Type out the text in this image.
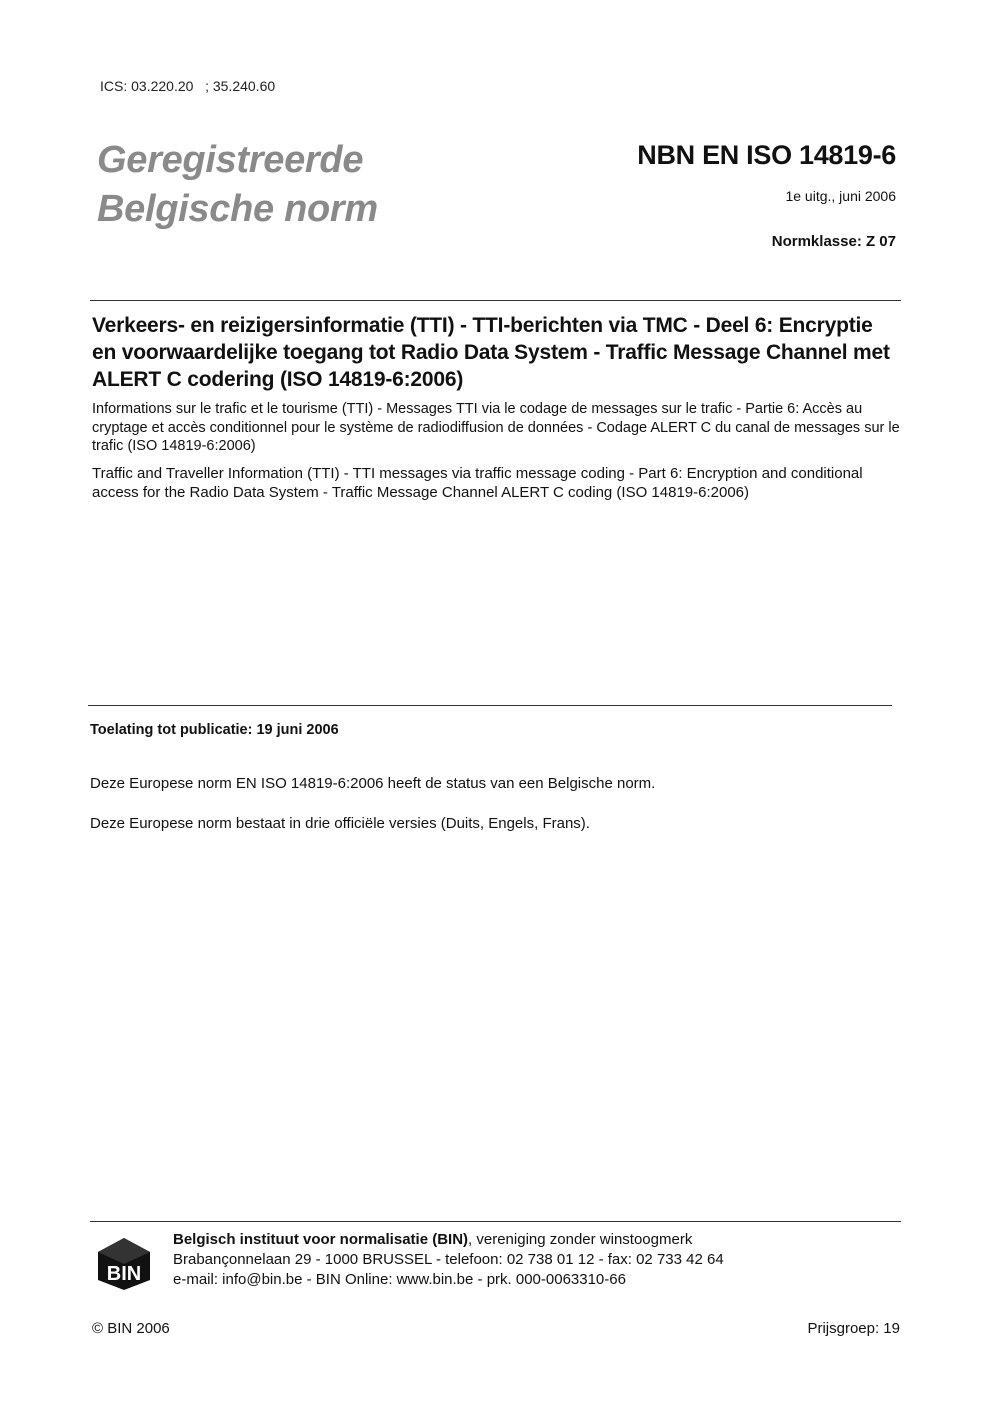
ICS: 03.220.20   ; 35.240.60
Geregistreerde
Belgische norm
NBN EN ISO 14819-6
1e uitg., juni 2006
Normklasse: Z 07
Verkeers- en reizigersinformatie (TTI) - TTI-berichten via TMC - Deel 6: Encryptie en voorwaardelijke toegang tot Radio Data System - Traffic Message Channel met ALERT C codering (ISO 14819-6:2006)
Informations sur le trafic et le tourisme (TTI) - Messages TTI via le codage de messages sur le trafic - Partie 6: Accès au cryptage et accès conditionnel pour le système de radiodiffusion de données - Codage ALERT C du canal de messages sur le trafic (ISO 14819-6:2006)
Traffic and Traveller Information (TTI) - TTI messages via traffic message coding - Part 6: Encryption and conditional access for the Radio Data System - Traffic Message Channel ALERT C coding (ISO 14819-6:2006)
Toelating tot publicatie: 19 juni 2006
Deze Europese norm EN ISO 14819-6:2006 heeft de status van een Belgische norm.
Deze Europese norm bestaat in drie officiële versies (Duits, Engels, Frans).
BIN
Belgisch instituut voor normalisatie (BIN), vereniging zonder winstoogmerk
Brabançonnelaan 29 - 1000 BRUSSEL - telefoon: 02 738 01 12 - fax: 02 733 42 64
e-mail: info@bin.be - BIN Online: www.bin.be - prk. 000-0063310-66
© BIN 2006	Prijsgroep: 19
